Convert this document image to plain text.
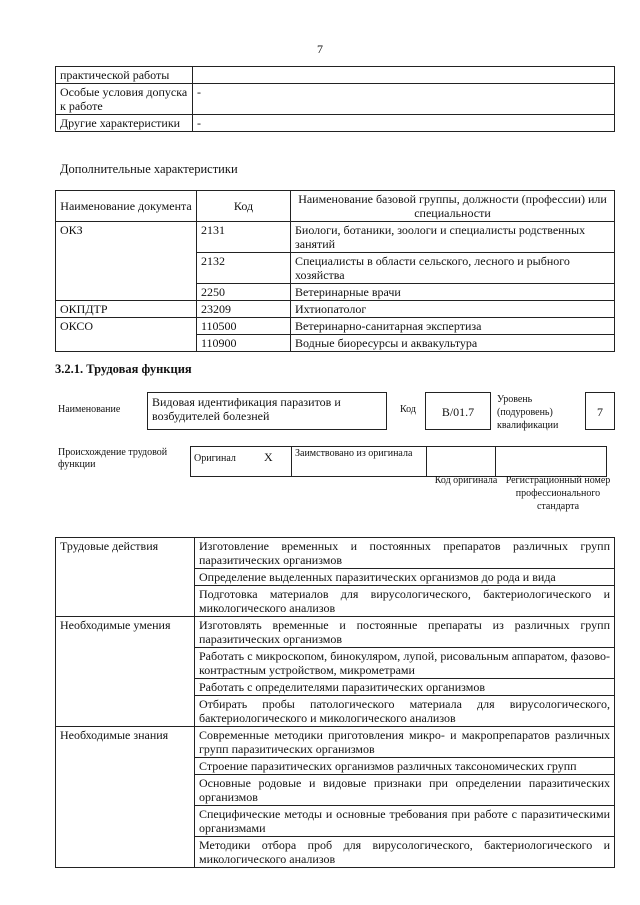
7
практической работы	
Особые условия допуска к работе	-
Другие характеристики	-
Дополнительные характеристики
Наименование документа	Код	Наименование базовой группы, должности (профессии) или специальности
ОКЗ	2131	Биологи, ботаники, зоологи и специалисты родственных занятий
	2132	Специалисты в области сельского, лесного и рыбного хозяйства
	2250	Ветеринарные врачи
ОКПДТР	23209	Ихтиопатолог
ОКСО	110500	Ветеринарно-санитарная экспертиза
	110900	Водные биоресурсы и аквакультура
3.2.1. Трудовая функция
Наименование
Видовая идентификация паразитов и возбудителей болезней	Код	В/01.7
Уровень (подуровень) квалификации
7
Происхождение трудовой функции
Оригинал	X	Заимствовано из оригинала		
Код оригинала Регистрационный номер профессионального стандарта
Трудовые действия	Изготовление временных и постоянных препаратов различных групп паразитических организмов
	Определение выделенных паразитических организмов до рода и вида
	Подготовка материалов для вирусологического, бактериологического и микологического анализов
Необходимые умения	Изготовлять временные и постоянные препараты из различных групп паразитических организмов
	Работать с микроскопом, бинокуляром, лупой, рисовальным аппаратом, фазово-контрастным устройством, микрометрами
	Работать с определителями паразитических организмов
	Отбирать пробы патологического материала для вирусологического, бактериологического и микологического анализов
Необходимые знания	Современные методики приготовления микро- и макропрепаратов различных групп паразитических организмов
	Строение паразитических организмов различных таксономических групп
	Основные родовые и видовые признаки при определении паразитических организмов
	Специфические методы и основные требования при работе с паразитическими организмами
	Методики отбора проб для вирусологического, бактериологического и микологического анализов
